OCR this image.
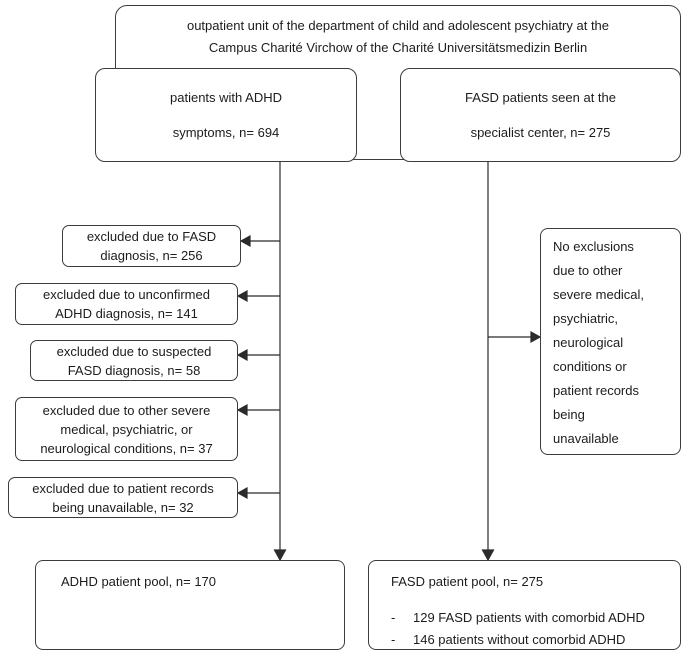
outpatient unit of the department of child and adolescent psychiatry at the
Campus Charité Virchow of the Charité Universitätsmedizin Berlin
patients with ADHD
symptoms, n= 694
FASD patients seen at the
specialist center, n= 275
excluded due to FASD
diagnosis, n= 256
excluded due to unconfirmed
ADHD diagnosis, n= 141
excluded due to suspected
FASD diagnosis, n= 58
excluded due to other severe
medical, psychiatric, or
neurological conditions, n= 37
excluded due to patient records
being unavailable, n= 32
No exclusions
due to other
severe medical,
psychiatric,
neurological
conditions or
patient records
being
unavailable
ADHD patient pool, n= 170	FASD patient pool, n= 275
-	129 FASD patients with comorbid ADHD
-	146 patients without comorbid ADHD
